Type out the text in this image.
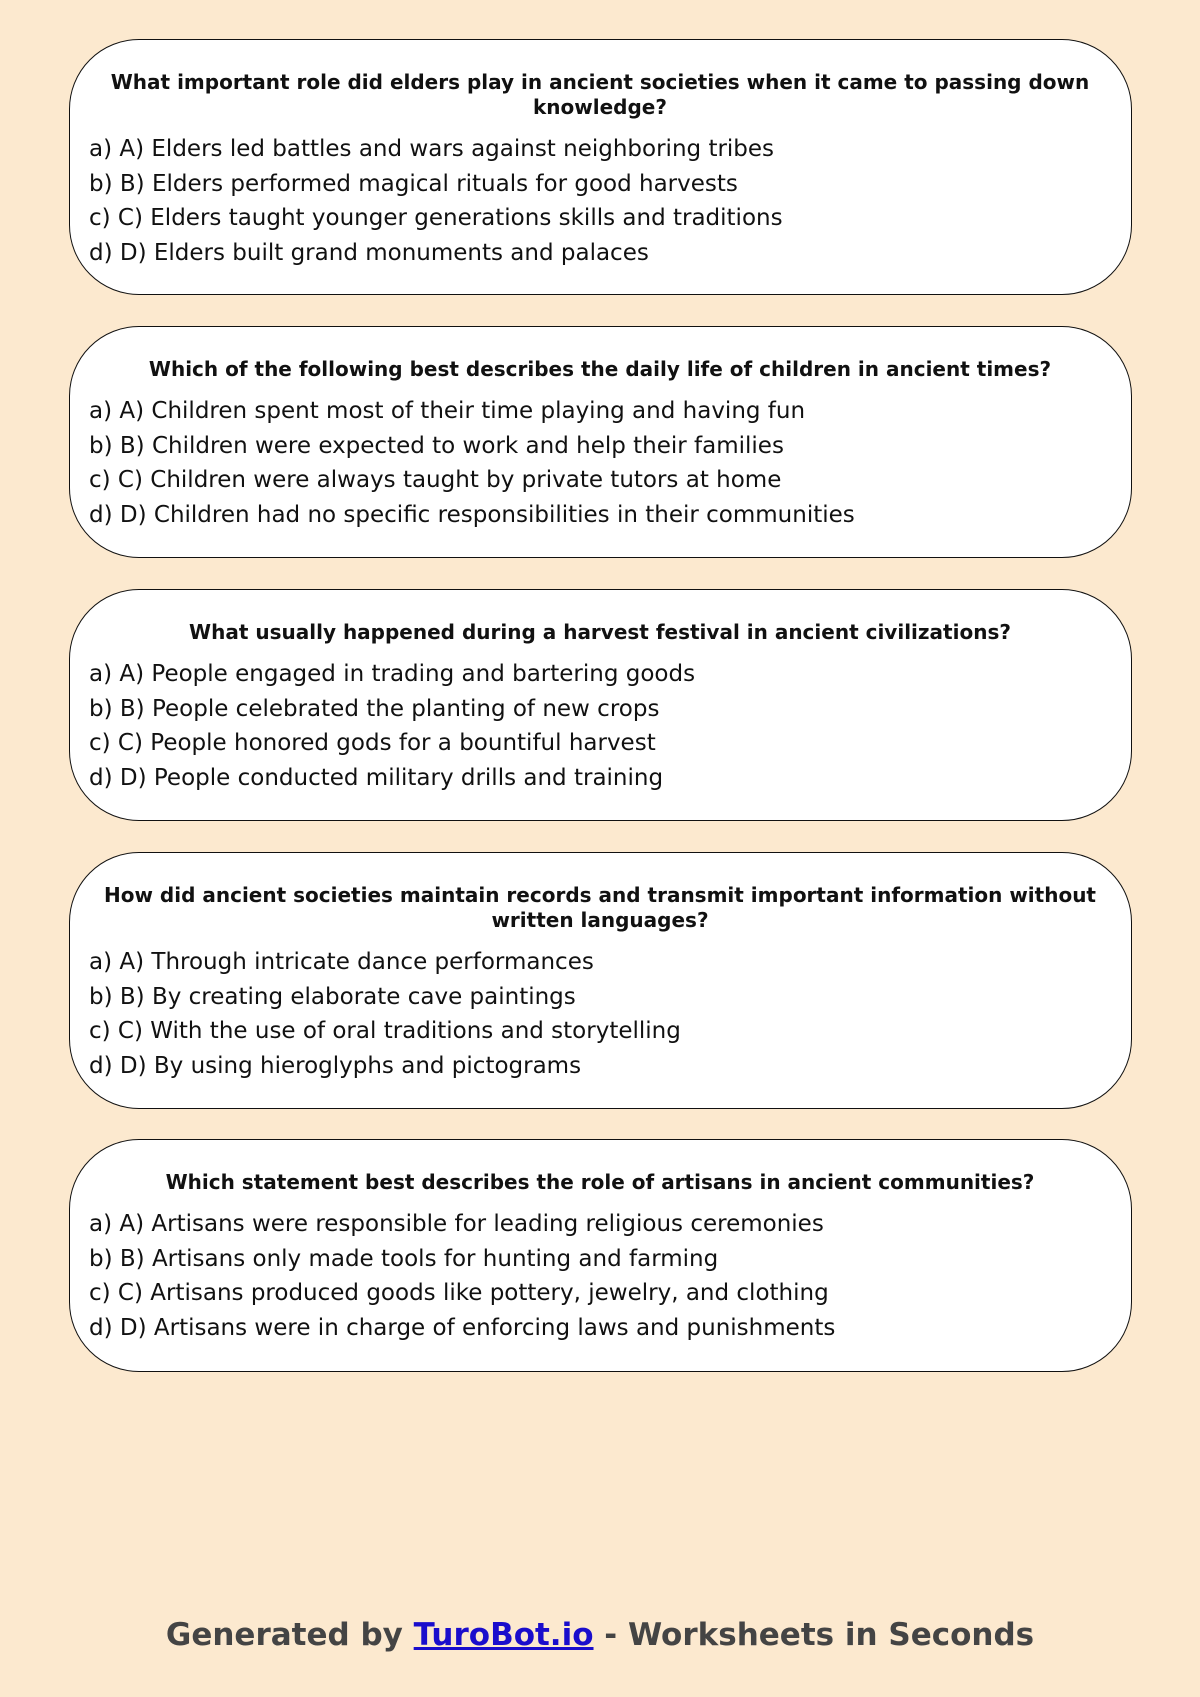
What important role did elders play in ancient societies when it came to passing down knowledge?
a) A) Elders led battles and wars against neighboring tribes
b) B) Elders performed magical rituals for good harvests
c) C) Elders taught younger generations skills and traditions
d) D) Elders built grand monuments and palaces
Which of the following best describes the daily life of children in ancient times?
a) A) Children spent most of their time playing and having fun
b) B) Children were expected to work and help their families
c) C) Children were always taught by private tutors at home
d) D) Children had no specific responsibilities in their communities
What usually happened during a harvest festival in ancient civilizations?
a) A) People engaged in trading and bartering goods
b) B) People celebrated the planting of new crops
c) C) People honored gods for a bountiful harvest
d) D) People conducted military drills and training
How did ancient societies maintain records and transmit important information without written languages?
a) A) Through intricate dance performances
b) B) By creating elaborate cave paintings
c) C) With the use of oral traditions and storytelling
d) D) By using hieroglyphs and pictograms
Which statement best describes the role of artisans in ancient communities?
a) A) Artisans were responsible for leading religious ceremonies
b) B) Artisans only made tools for hunting and farming
c) C) Artisans produced goods like pottery, jewelry, and clothing
d) D) Artisans were in charge of enforcing laws and punishments
Generated by TuroBot.io - Worksheets in Seconds
